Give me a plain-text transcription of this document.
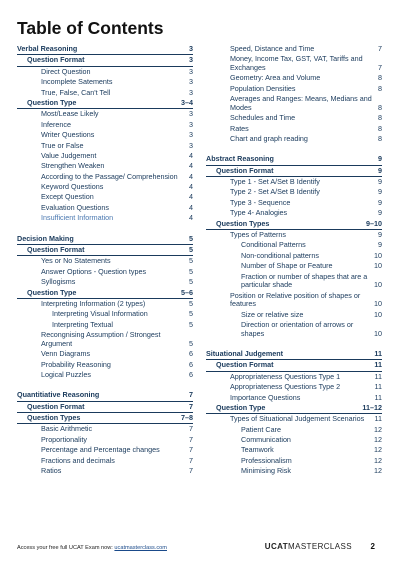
Table of Contents
Verbal Reasoning	3
Question Format	3
Direct Question	3
Incomplete Satements	3
True, False, Can't Tell	3
Question Type	3–4
Most/Lease Likely	3
Inference	3
Writer Questions	3
True or False	3
Value Judgement	4
Strengthen Weaken	4
According to the Passage/ Comprehension	4
Keyword Questions	4
Except Question	4
Evaluation Questions	4
Insufficient Information	4
Decision Making	5
Question Format	5
Yes or No Statements	5
Answer Options - Question types	5
Syllogisms	5
Question Type	5–6
Interpreting Information (2 types)	5
Interpreting Visual Information	5
Interpreting Textual	5
Recongnising Assumption / Strongest Argument	5
Venn Diagrams	6
Probability Reasoning	6
Logical Puzzles	6
Quantitiative Reasoning	7
Question Format	7
Question Types	7–8
Basic Arithmetic	7
Proportionality	7
Percentage and Percentage changes	7
Fractions and decimals	7
Ratios	7
Speed, Distance and Time	7
Money, Income Tax, GST, VAT, Tariffs and Exchanges	7
Geometry: Area and Volume	8
Population Densities	8
Averages and Ranges: Means, Medians and Modes	8
Schedules and Time	8
Rates	8
Chart and graph reading	8
Abstract Reasoning	9
Question Format	9
Type 1 - Set A/Set B Identify	9
Type 2 - Set A/Set B Identify	9
Type 3 - Sequence	9
Type 4- Analogies	9
Question Types	9–10
Types of Patterns	9
Conditional Patterns	9
Non-conditional patterns	10
Number of Shape or Feature	10
Fraction or number of shapes that are a particular shade	10
Position or Relative position of shapes or features	10
Size or relative size	10
Direction or orientation of arrows or shapes	10
Situational Judgement	11
Question Format	11
Appropriateness Questions Type 1	11
Appropriateness Questions Type 2	11
Importance Questions	11
Question Type	11–12
Types of Situational Judgement Scenarios	11
Patient Care	12
Communication	12
Teamwork	12
Professionalism	12
Minimising Risk	12
Access your free full UCAT Exam now: ucatmasterclass.com	UCATMASTERCLASS 2
